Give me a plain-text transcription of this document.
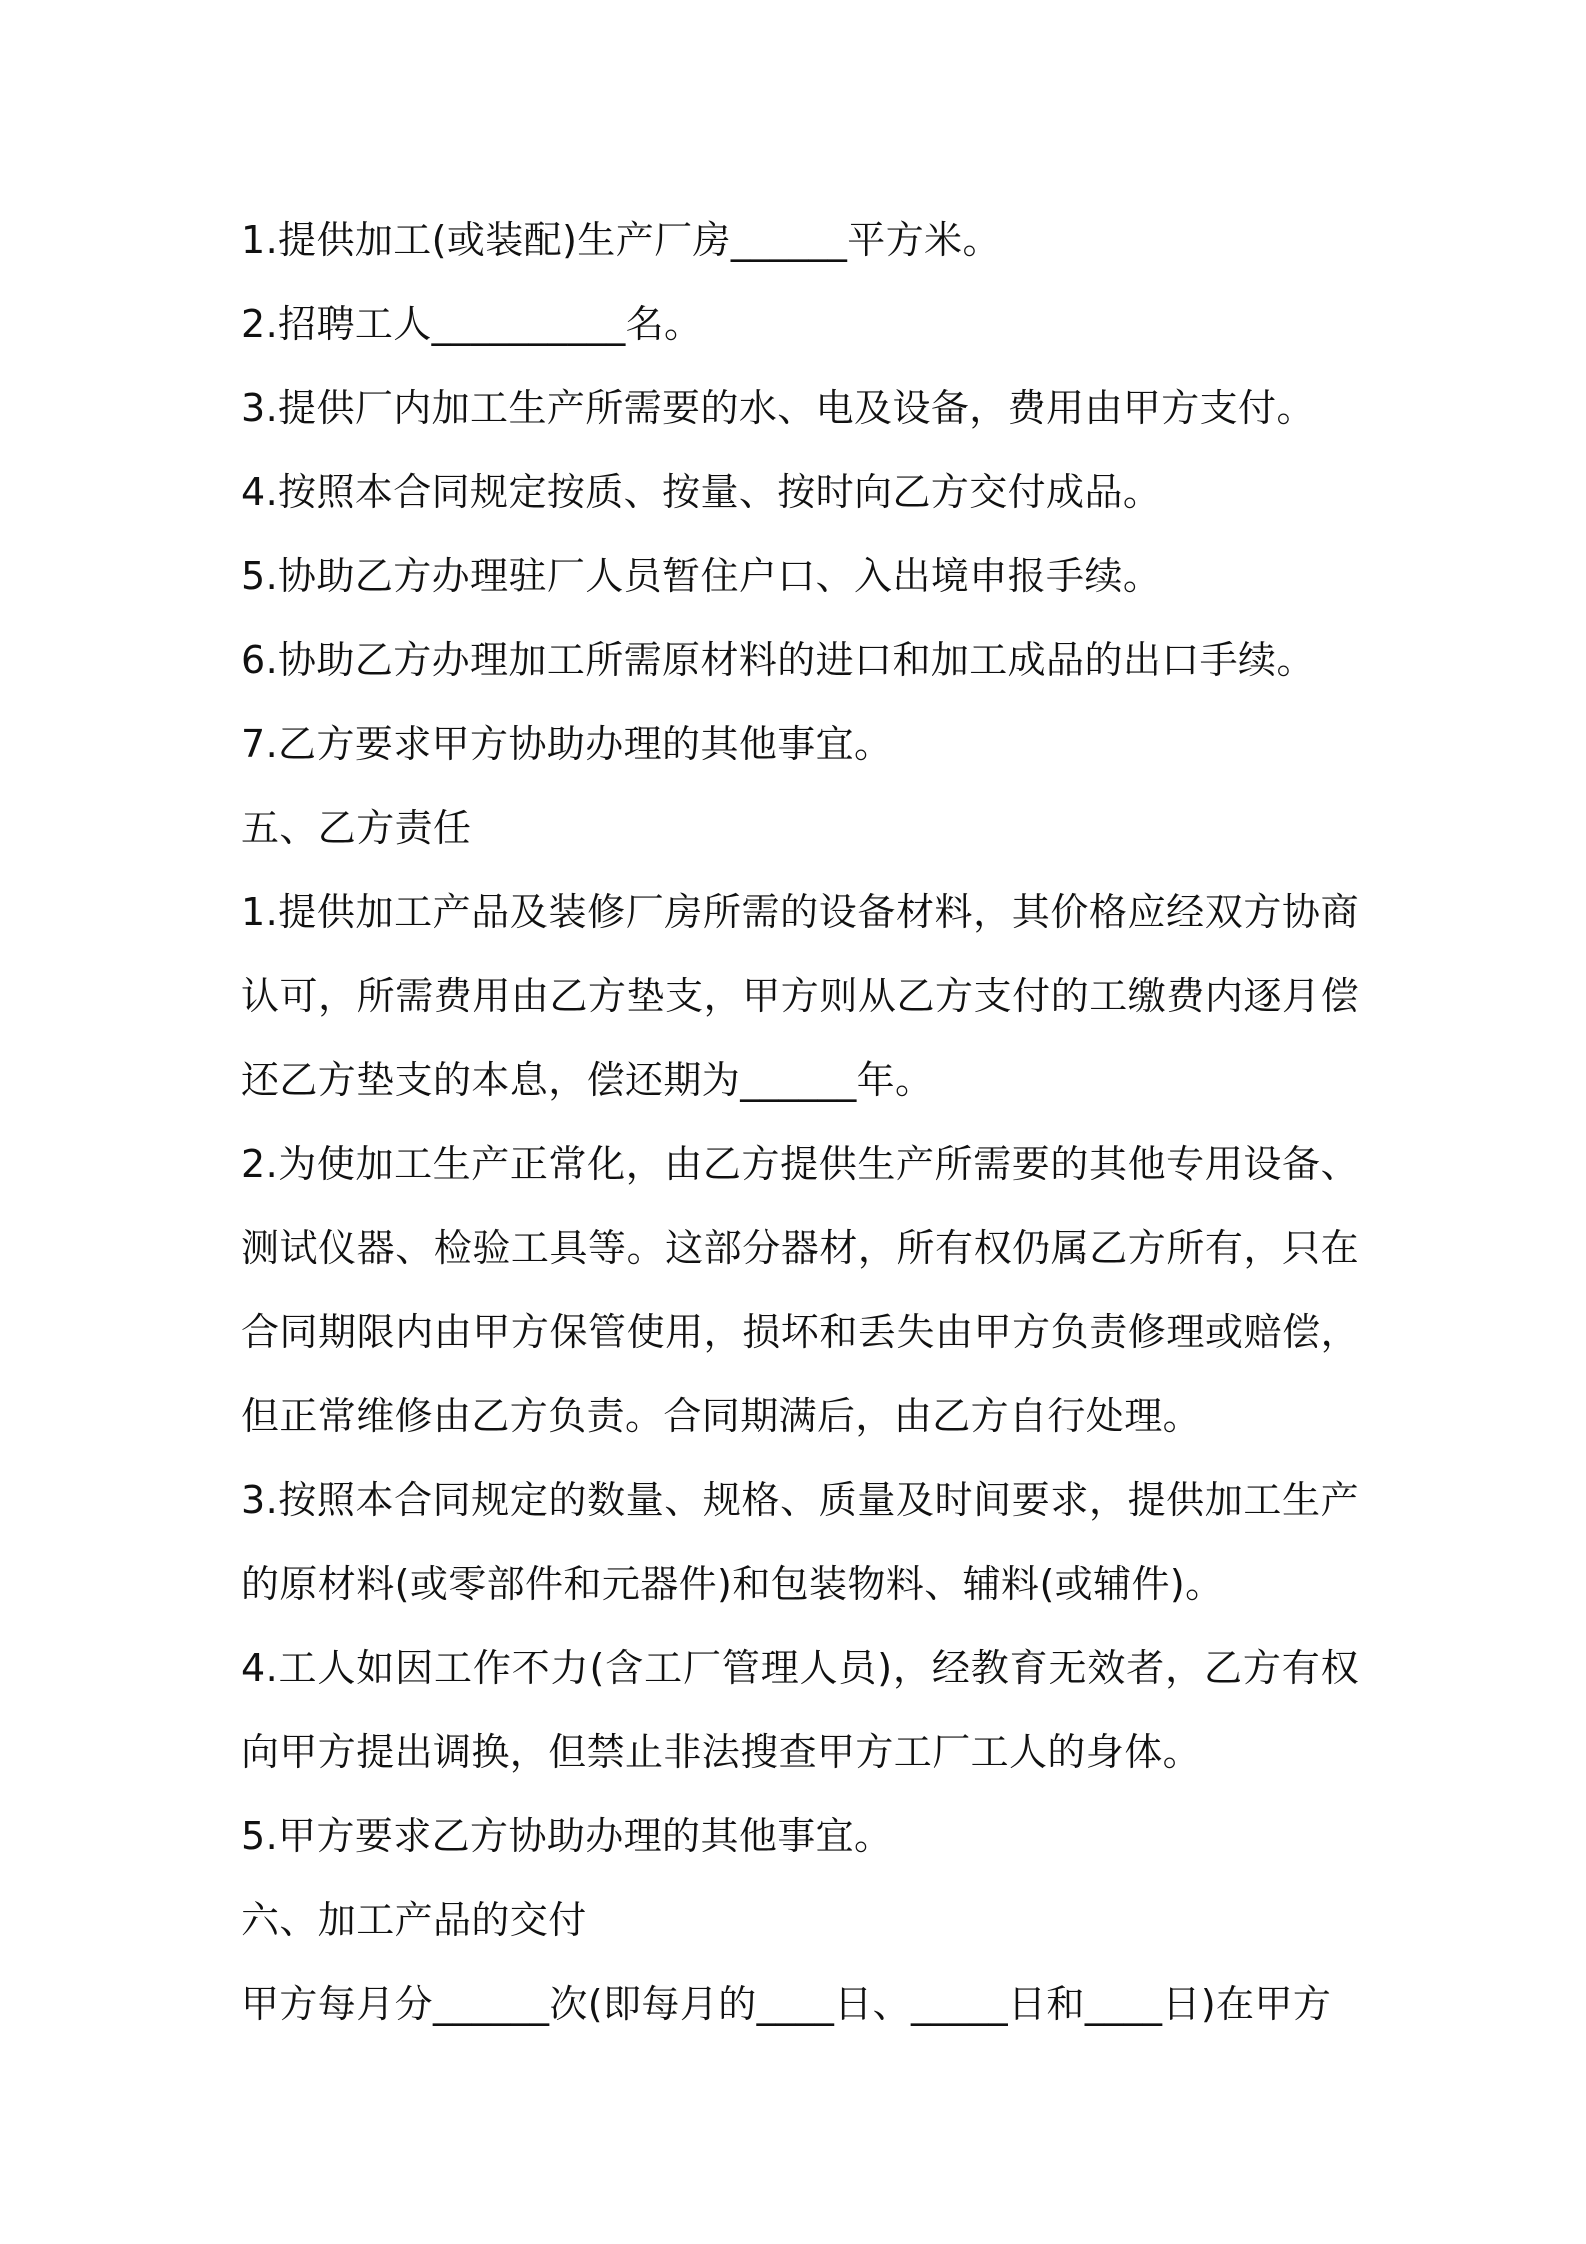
1.提供加工(或装配)生产厂房______平方米。

2.招聘工人__________名。

3.提供厂内加工生产所需要的水、电及设备，费用由甲方支付。

4.按照本合同规定按质、按量、按时向乙方交付成品。

5.协助乙方办理驻厂人员暂住户口、入出境申报手续。

6.协助乙方办理加工所需原材料的进口和加工成品的出口手续。

7.乙方要求甲方协助办理的其他事宜。

五、乙方责任

1.提供加工产品及装修厂房所需的设备材料，其价格应经双方协商认可，所需费用由乙方垫支，甲方则从乙方支付的工缴费内逐月偿还乙方垫支的本息，偿还期为______年。

2.为使加工生产正常化，由乙方提供生产所需要的其他专用设备、测试仪器、检验工具等。这部分器材，所有权仍属乙方所有，只在合同期限内由甲方保管使用，损坏和丢失由甲方负责修理或赔偿，但正常维修由乙方负责。合同期满后，由乙方自行处理。

3.按照本合同规定的数量、规格、质量及时间要求，提供加工生产的原材料(或零部件和元器件)和包装物料、辅料(或辅件)。

4.工人如因工作不力(含工厂管理人员)，经教育无效者，乙方有权向甲方提出调换，但禁止非法搜查甲方工厂工人的身体。

5.甲方要求乙方协助办理的其他事宜。

六、加工产品的交付

甲方每月分______次(即每月的____日、_____日和____日)在甲方
